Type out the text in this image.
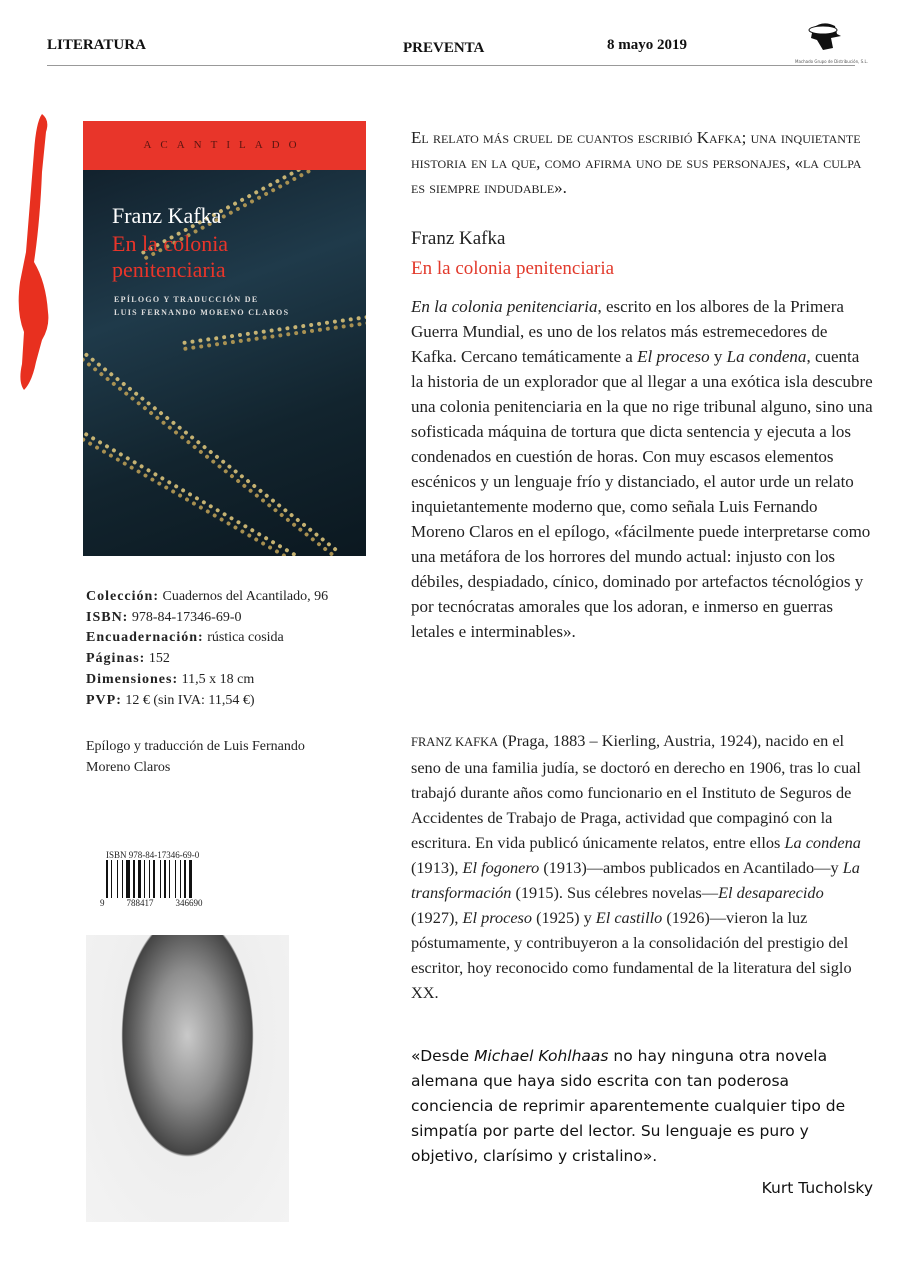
LITERATURA	PREVENTA	8 mayo 2019
Machado Grupo de Distribución, S.L.
ACANTILADO
Franz Kafka
En la colonia
penitenciaria
EPÍLOGO Y TRADUCCIÓN DE
LUIS FERNANDO MORENO CLAROS
Colección: Cuadernos del Acantilado, 96
ISBN: 978-84-17346-69-0
Encuadernación: rústica cosida
Páginas: 152
Dimensiones: 11,5 x 18 cm
PVP: 12 € (sin IVA: 11,54 €)
Epílogo y traducción de Luis Fernando Moreno Claros
ISBN 978-84-17346-69-0
9 788417 346690
El relato más cruel de cuantos escribió Kafka; una inquietante historia en la que, como afirma uno de sus personajes, «la culpa es siempre indudable».
Franz Kafka
En la colonia penitenciaria
En la colonia penitenciaria, escrito en los albores de la Primera Guerra Mundial, es uno de los relatos más estremecedores de Kafka. Cercano temáticamente a El proceso y La condena, cuenta la historia de un explorador que al llegar a una exótica isla descubre una colonia penitenciaria en la que no rige tribunal alguno, sino una sofisticada máquina de tortura que dicta sentencia y ejecuta a los condenados en cuestión de horas. Con muy escasos elementos escénicos y un lenguaje frío y distanciado, el autor urde un relato inquietantemente moderno que, como señala Luis Fernando Moreno Claros en el epílogo, «fácilmente puede interpretarse como una metáfora de los horrores del mundo actual: injusto con los débiles, despiadado, cínico, dominado por artefactos técnológios y por tecnócratas amorales que los adoran, e inmerso en guerras letales e interminables».
FRANZ KAFKA (Praga, 1883 – Kierling, Austria, 1924), nacido en el seno de una familia judía, se doctoró en derecho en 1906, tras lo cual trabajó durante años como funcionario en el Instituto de Seguros de Accidentes de Trabajo de Praga, actividad que compaginó con la escritura. En vida publicó únicamente relatos, entre ellos La condena (1913), El fogonero (1913)—ambos publicados en Acantilado—y La transformación (1915). Sus célebres novelas—El desaparecido (1927), El proceso (1925) y El castillo (1926)—vieron la luz póstumamente, y contribuyeron a la consolidación del prestigio del escritor, hoy reconocido como fundamental de la literatura del siglo XX.
«Desde Michael Kohlhaas no hay ninguna otra novela alemana que haya sido escrita con tan poderosa conciencia de reprimir aparentemente cualquier tipo de simpatía por parte del lector. Su lenguaje es puro y objetivo, clarísimo y cristalino».
Kurt Tucholsky
